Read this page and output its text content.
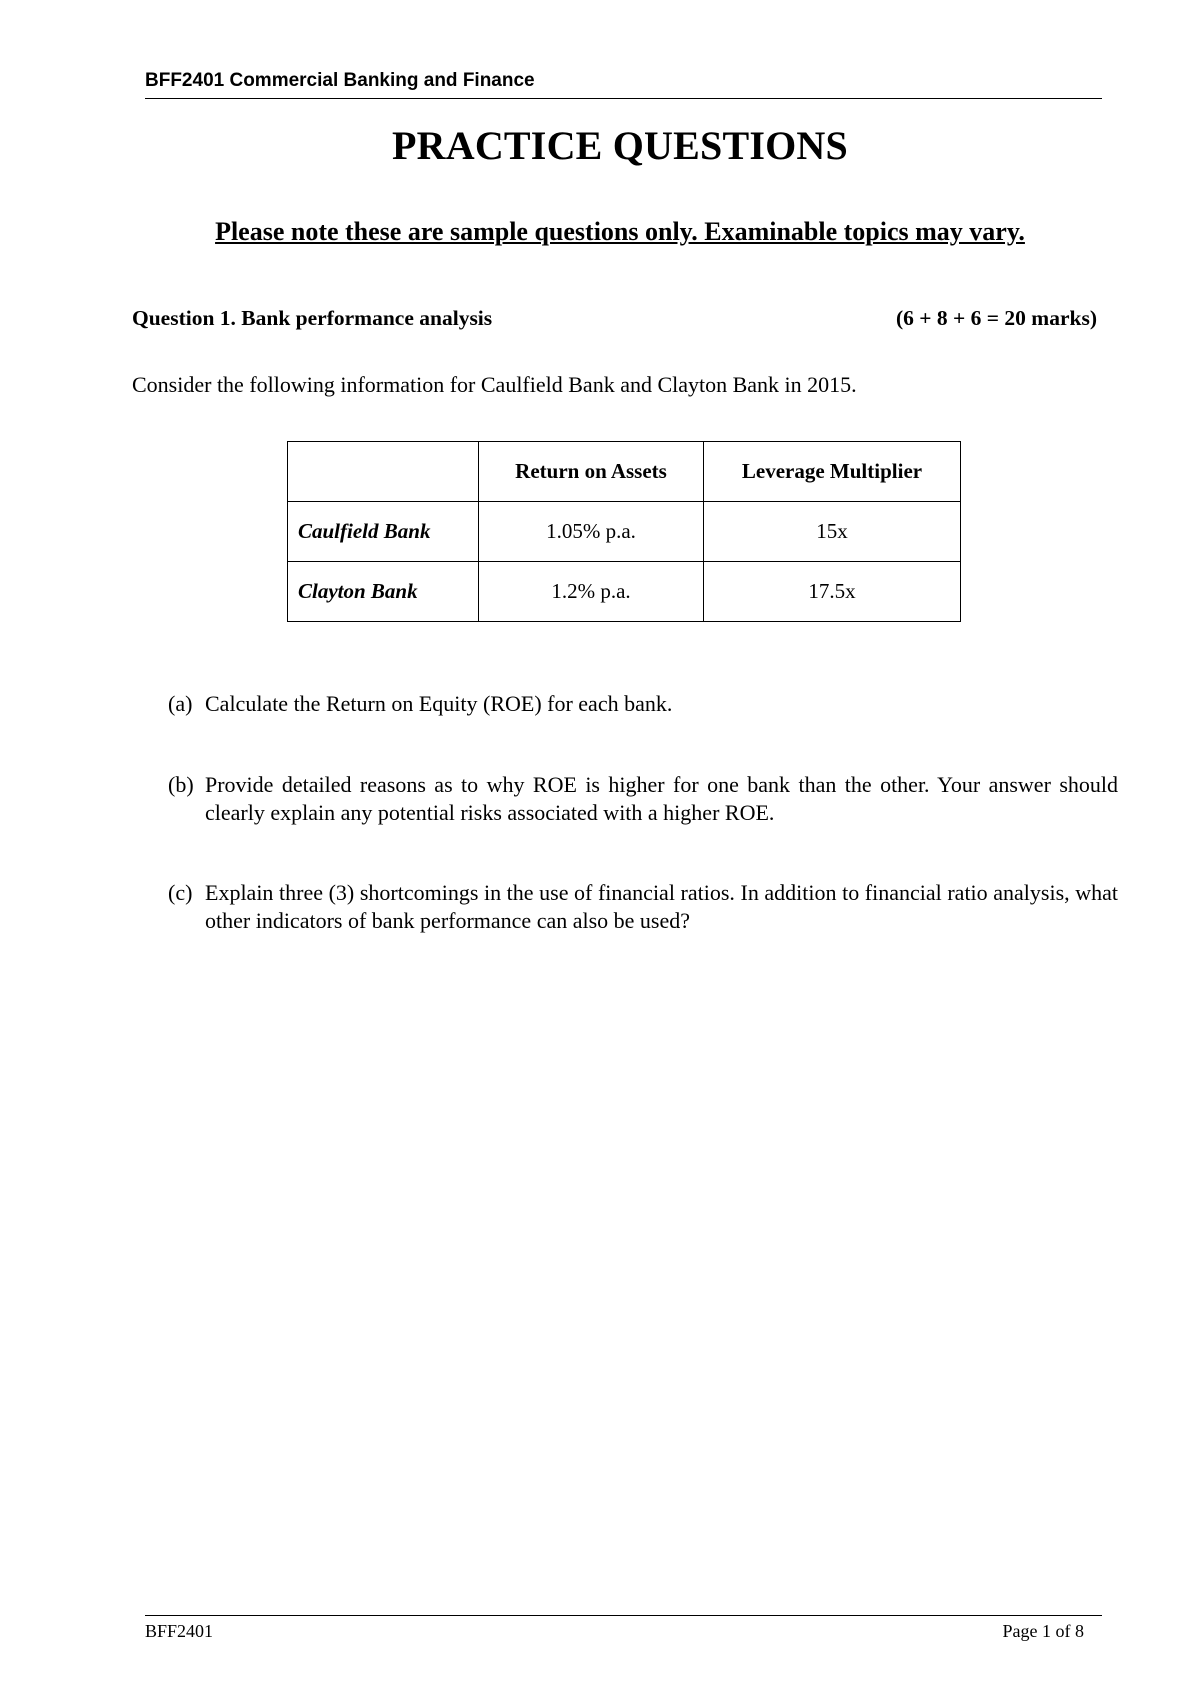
BFF2401 Commercial Banking and Finance
PRACTICE QUESTIONS
Please note these are sample questions only. Examinable topics may vary.
Question 1. Bank performance analysis	(6 + 8 + 6 = 20 marks)
Consider the following information for Caulfield Bank and Clayton Bank in 2015.
	Return on Assets	Leverage Multiplier
Caulfield Bank	1.05% p.a.	15x
Clayton Bank	1.2% p.a.	17.5x
(a) Calculate the Return on Equity (ROE) for each bank.
(b) Provide detailed reasons as to why ROE is higher for one bank than the other. Your answer should clearly explain any potential risks associated with a higher ROE.
(c) Explain three (3) shortcomings in the use of financial ratios. In addition to financial ratio analysis, what other indicators of bank performance can also be used?
BFF2401	Page 1 of 8
